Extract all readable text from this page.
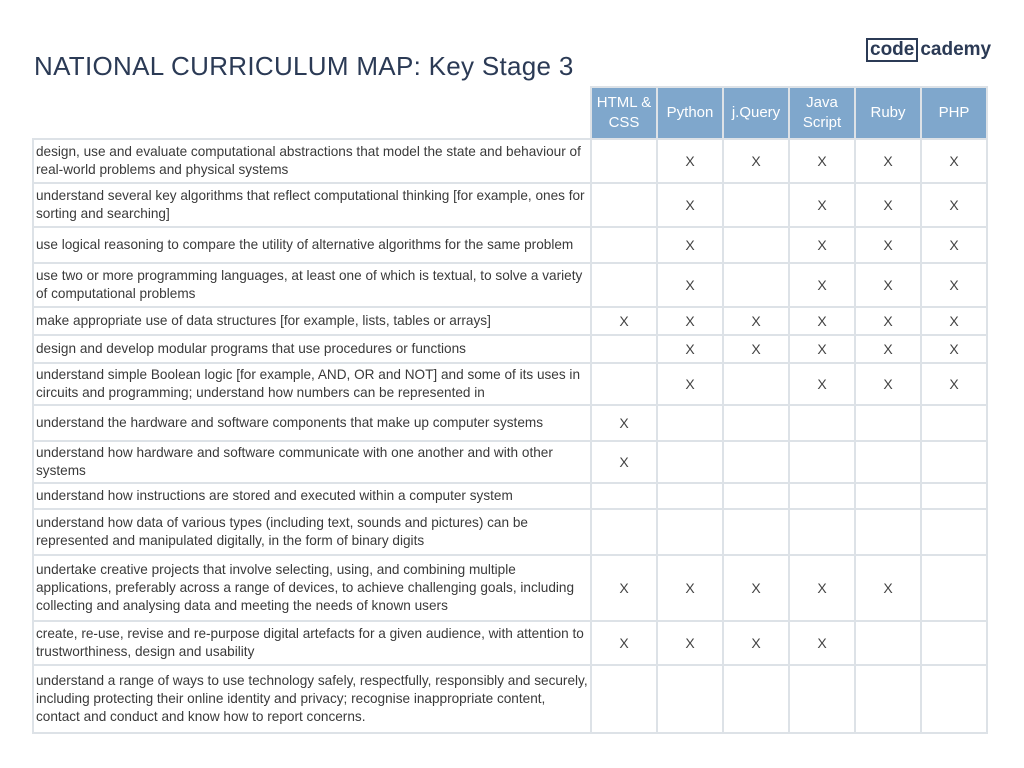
NATIONAL CURRICULUM MAP: Key Stage 3
code cademy
	HTML & CSS	Python	j.Query	Java Script	Ruby	PHP
design, use and evaluate computational abstractions that model the state and behaviour of real-world problems and physical systems		X	X	X	X	X
understand several key algorithms that reflect computational thinking [for example, ones for sorting and searching]		X		X	X	X
use logical reasoning to compare the utility of alternative algorithms for the same problem		X		X	X	X
use two or more programming languages, at least one of which is textual, to solve a variety of computational problems		X		X	X	X
make appropriate use of data structures [for example, lists, tables or arrays]	X	X	X	X	X	X
design and develop modular programs that use procedures or functions		X	X	X	X	X
understand simple Boolean logic [for example, AND, OR and NOT] and some of its uses in circuits and programming; understand how numbers can be represented in		X		X	X	X
understand the hardware and software components that make up computer systems	X					
understand how hardware and software communicate with one another and with other systems	X					
understand how instructions are stored and executed within a computer system						
understand how data of various types (including text, sounds and pictures) can be represented and manipulated digitally, in the form of binary digits						
undertake creative projects that involve selecting, using, and combining multiple applications, preferably across a range of devices, to achieve challenging goals, including collecting and analysing data and meeting the needs of known users	X	X	X	X	X	
create, re-use, revise and re-purpose digital artefacts for a given audience, with attention to trustworthiness, design and usability	X	X	X	X		
understand a range of ways to use technology safely, respectfully, responsibly and securely, including protecting their online identity and privacy; recognise inappropriate content, contact and conduct and know how to report concerns.						
